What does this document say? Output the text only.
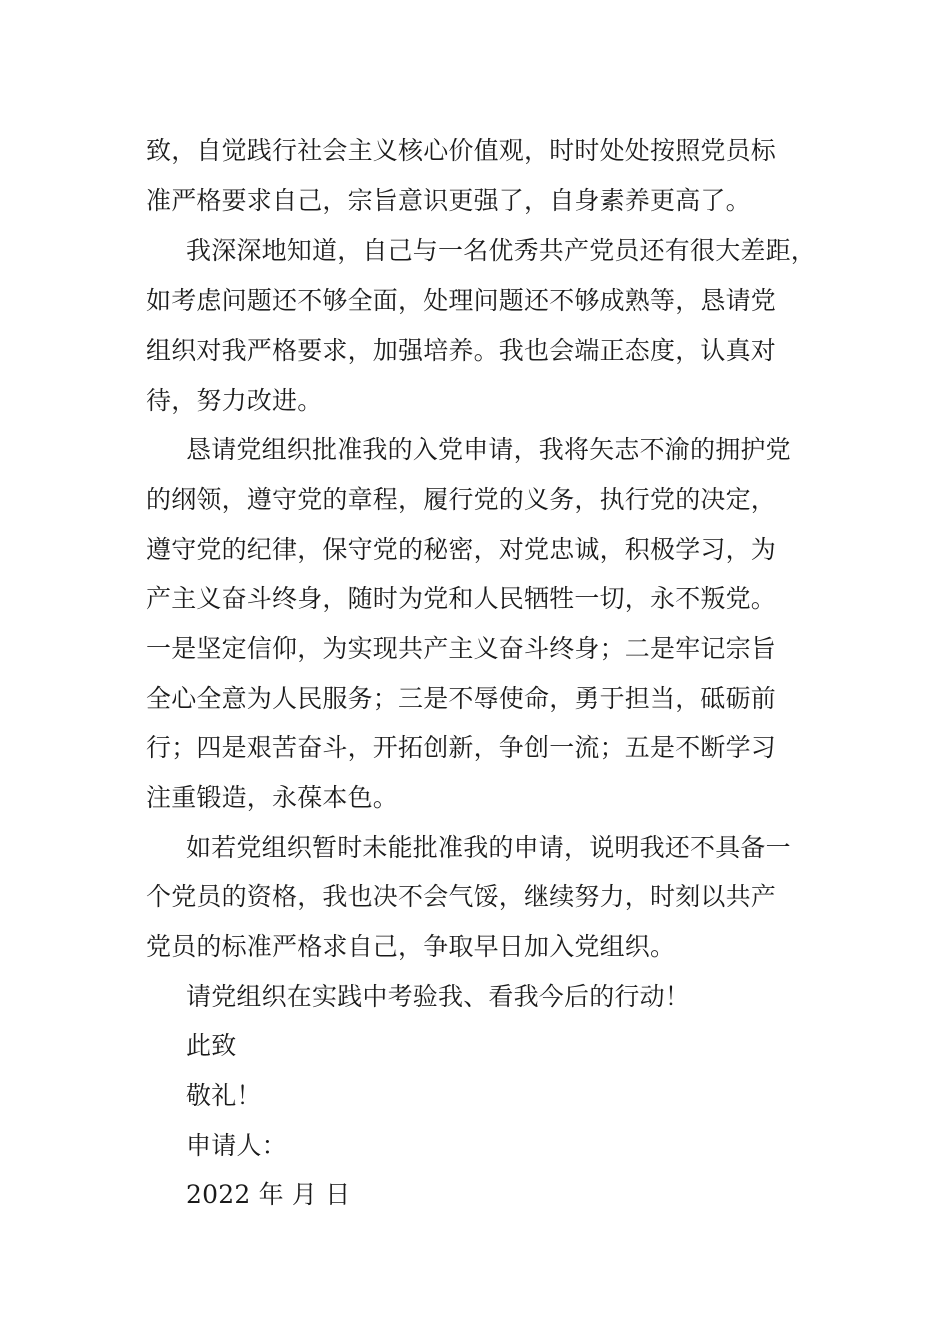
致，自觉践行社会主义核心价值观，时时处处按照党员标
准严格要求自己，宗旨意识更强了，自身素养更高了。
我深深地知道，自己与一名优秀共产党员还有很大差距，
如考虑问题还不够全面，处理问题还不够成熟等，恳请党
组织对我严格要求，加强培养。我也会端正态度，认真对
待，努力改进。
恳请党组织批准我的入党申请，我将矢志不渝的拥护党
的纲领，遵守党的章程，履行党的义务，执行党的决定，
遵守党的纪律，保守党的秘密，对党忠诚，积极学习，为
产主义奋斗终身，随时为党和人民牺牲一切，永不叛党。
一是坚定信仰，为实现共产主义奋斗终身；二是牢记宗旨
全心全意为人民服务；三是不辱使命，勇于担当，砥砺前
行；四是艰苦奋斗，开拓创新，争创一流；五是不断学习
注重锻造，永葆本色。
如若党组织暂时未能批准我的申请，说明我还不具备一
个党员的资格，我也决不会气馁，继续努力，时刻以共产
党员的标准严格求自己，争取早日加入党组织。
请党组织在实践中考验我、看我今后的行动！
此致
敬礼！
申请人：
2022 年 月 日
